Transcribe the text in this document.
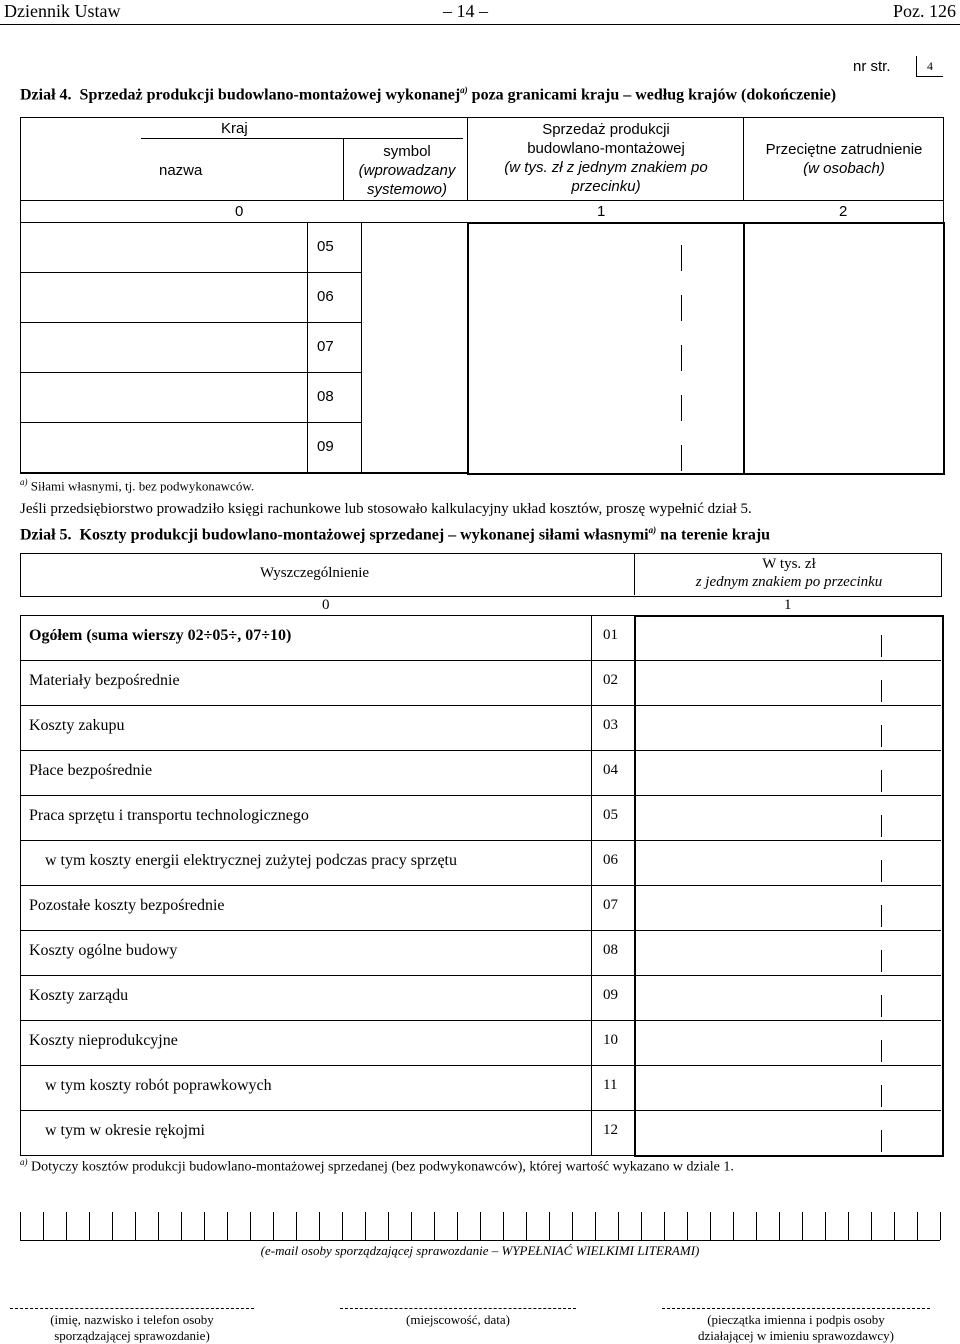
Dziennik Ustaw	– 14 –	Poz. 126
nr str.	4
Dział 4. Sprzedaż produkcji budowlano-montażowej wykonanej$^{a)}$ poza granicami kraju – według krajów (dokończenie)
Kraj
nazwa
symbol
(wprowadzany
systemowo)
Sprzedaż produkcji
budowlano-montażowej
(w tys. zł z jednym znakiem po
przecinku)
Przeciętne zatrudnienie
(w osobach)
0	1	2
05
06
07
08
09
$^{a)}$ Siłami własnymi, tj. bez podwykonawców.
Jeśli przedsiębiorstwo prowadziło księgi rachunkowe lub stosowało kalkulacyjny układ kosztów, proszę wypełnić dział 5.
Dział 5. Koszty produkcji budowlano-montażowej sprzedanej – wykonanej siłami własnymi$^{a)}$ na terenie kraju
Wyszczególnienie
W tys. zł
z jednym znakiem po przecinku
0	1
Ogółem (suma wierszy 02÷05÷, 07÷10)	01
Materiały bezpośrednie	02
Koszty zakupu	03
Płace bezpośrednie	04
Praca sprzętu i transportu technologicznego	05
w tym koszty energii elektrycznej zużytej podczas pracy sprzętu	06
Pozostałe koszty bezpośrednie	07
Koszty ogólne budowy	08
Koszty zarządu	09
Koszty nieprodukcyjne	10
w tym koszty robót poprawkowych	11
w tym w okresie rękojmi	12
$^{a)}$ Dotyczy kosztów produkcji budowlano-montażowej sprzedanej (bez podwykonawców), której wartość wykazano w dziale 1.
(e-mail osoby sporządzającej sprawozdanie – WYPEŁNIAĆ WIELKIMI LITERAMI)
(imię, nazwisko i telefon osoby
sporządzającej sprawozdanie)
(miejscowość, data)	(pieczątka imienna i podpis osoby
działającej w imieniu sprawozdawcy)
